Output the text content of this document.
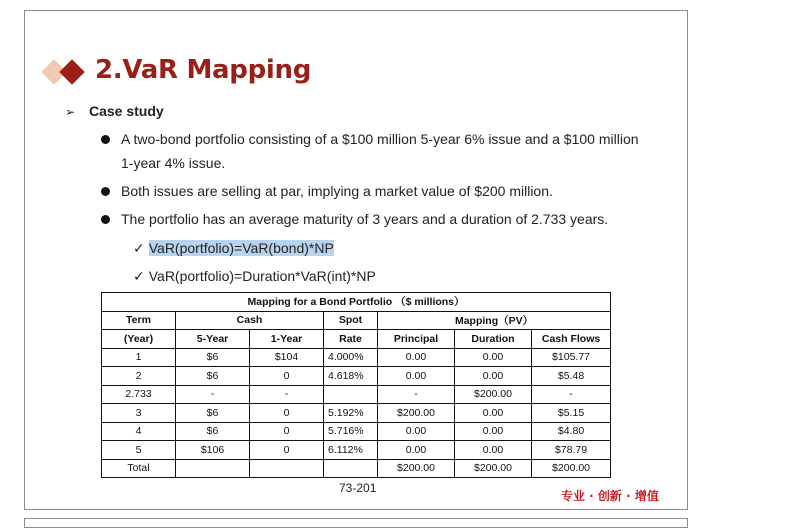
2.VaR Mapping
➢ Case study
A two-bond portfolio consisting of a $100 million 5-year 6% issue and a $100 million 1-year 4% issue.
Both issues are selling at par, implying a market value of $200 million.
The portfolio has an average maturity of 3 years and a duration of 2.733 years.
✓ VaR(portfolio)=VaR(bond)*NP
✓ VaR(portfolio)=Duration*VaR(int)*NP
Mapping for a Bond Portfolio （$ millions）						
Term	Cash		Spot	Mapping（PV）		
(Year)	5-Year	1-Year	Rate	Principal	Duration	Cash Flows
1	$6	$104	4.000%	0.00	0.00	$105.77
2	$6	0	4.618%	0.00	0.00	$5.48
2.733	-	-		-	$200.00	-
3	$6	0	5.192%	$200.00	0.00	$5.15
4	$6	0	5.716%	0.00	0.00	$4.80
5	$106	0	6.112%	0.00	0.00	$78.79
Total				$200.00	$200.00	$200.00
73-201
专业 · 创新 · 增值
